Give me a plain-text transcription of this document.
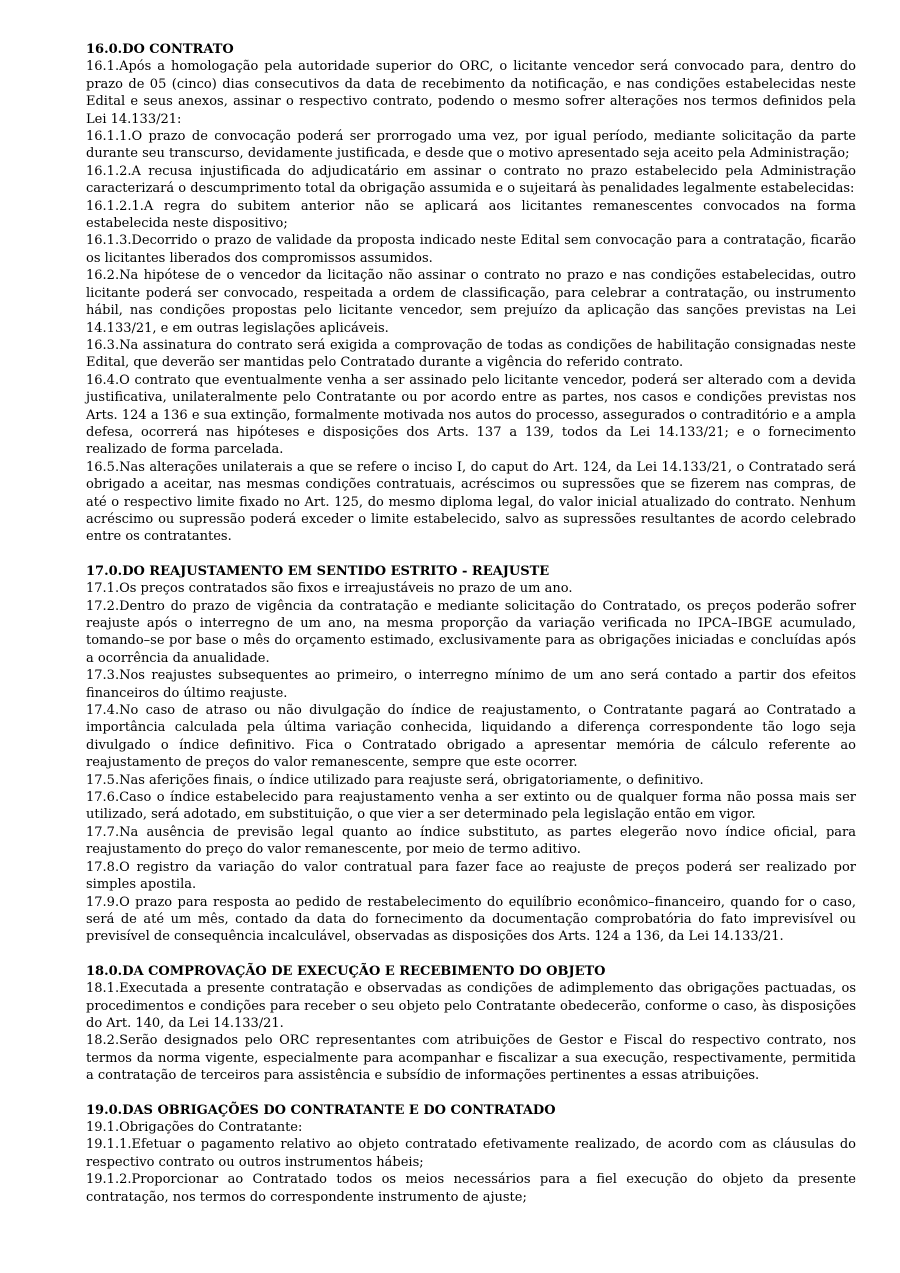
16.0.DO CONTRATO

16.1.Após a homologação pela autoridade superior do ORC, o licitante vencedor será convocado para, dentro do prazo de 05 (cinco) dias consecutivos da data de recebimento da notificação, e nas condições estabelecidas neste Edital e seus anexos, assinar o respectivo contrato, podendo o mesmo sofrer alterações nos termos definidos pela Lei 14.133/21:

16.1.1.O prazo de convocação poderá ser prorrogado uma vez, por igual período, mediante solicitação da parte durante seu transcurso, devidamente justificada, e desde que o motivo apresentado seja aceito pela Administração;

16.1.2.A recusa injustificada do adjudicatário em assinar o contrato no prazo estabelecido pela Administração caracterizará o descumprimento total da obrigação assumida e o sujeitará às penalidades legalmente estabelecidas:

16.1.2.1.A regra do subitem anterior não se aplicará aos licitantes remanescentes convocados na forma estabelecida neste dispositivo;

16.1.3.Decorrido o prazo de validade da proposta indicado neste Edital sem convocação para a contratação, ficarão os licitantes liberados dos compromissos assumidos.

16.2.Na hipótese de o vencedor da licitação não assinar o contrato no prazo e nas condições estabelecidas, outro licitante poderá ser convocado, respeitada a ordem de classificação, para celebrar a contratação, ou instrumento hábil, nas condições propostas pelo licitante vencedor, sem prejuízo da aplicação das sanções previstas na Lei 14.133/21, e em outras legislações aplicáveis.

16.3.Na assinatura do contrato será exigida a comprovação de todas as condições de habilitação consignadas neste Edital, que deverão ser mantidas pelo Contratado durante a vigência do referido contrato.

16.4.O contrato que eventualmente venha a ser assinado pelo licitante vencedor, poderá ser alterado com a devida justificativa, unilateralmente pelo Contratante ou por acordo entre as partes, nos casos e condições previstas nos Arts. 124 a 136 e sua extinção, formalmente motivada nos autos do processo, assegurados o contraditório e a ampla defesa, ocorrerá nas hipóteses e disposições dos Arts. 137 a 139, todos da Lei 14.133/21; e o fornecimento realizado de forma parcelada.

16.5.Nas alterações unilaterais a que se refere o inciso I, do caput do Art. 124, da Lei 14.133/21, o Contratado será obrigado a aceitar, nas mesmas condições contratuais, acréscimos ou supressões que se fizerem nas compras, de até o respectivo limite fixado no Art. 125, do mesmo diploma legal, do valor inicial atualizado do contrato. Nenhum acréscimo ou supressão poderá exceder o limite estabelecido, salvo as supressões resultantes de acordo celebrado entre os contratantes.

17.0.DO REAJUSTAMENTO EM SENTIDO ESTRITO - REAJUSTE

17.1.Os preços contratados são fixos e irreajustáveis no prazo de um ano.

17.2.Dentro do prazo de vigência da contratação e mediante solicitação do Contratado, os preços poderão sofrer reajuste após o interregno de um ano, na mesma proporção da variação verificada no IPCA–IBGE acumulado, tomando–se por base o mês do orçamento estimado, exclusivamente para as obrigações iniciadas e concluídas após a ocorrência da anualidade.

17.3.Nos reajustes subsequentes ao primeiro, o interregno mínimo de um ano será contado a partir dos efeitos financeiros do último reajuste.

17.4.No caso de atraso ou não divulgação do índice de reajustamento, o Contratante pagará ao Contratado a importância calculada pela última variação conhecida, liquidando a diferença correspondente tão logo seja divulgado o índice definitivo. Fica o Contratado obrigado a apresentar memória de cálculo referente ao reajustamento de preços do valor remanescente, sempre que este ocorrer.

17.5.Nas aferições finais, o índice utilizado para reajuste será, obrigatoriamente, o definitivo.

17.6.Caso o índice estabelecido para reajustamento venha a ser extinto ou de qualquer forma não possa mais ser utilizado, será adotado, em substituição, o que vier a ser determinado pela legislação então em vigor.

17.7.Na ausência de previsão legal quanto ao índice substituto, as partes elegerão novo índice oficial, para reajustamento do preço do valor remanescente, por meio de termo aditivo.

17.8.O registro da variação do valor contratual para fazer face ao reajuste de preços poderá ser realizado por simples apostila.

17.9.O prazo para resposta ao pedido de restabelecimento do equilíbrio econômico–financeiro, quando for o caso, será de até um mês, contado da data do fornecimento da documentação comprobatória do fato imprevisível ou previsível de consequência incalculável, observadas as disposições dos Arts. 124 a 136, da Lei 14.133/21.

18.0.DA COMPROVAÇÃO DE EXECUÇÃO E RECEBIMENTO DO OBJETO

18.1.Executada a presente contratação e observadas as condições de adimplemento das obrigações pactuadas, os procedimentos e condições para receber o seu objeto pelo Contratante obedecerão, conforme o caso, às disposições do Art. 140, da Lei 14.133/21.

18.2.Serão designados pelo ORC representantes com atribuições de Gestor e Fiscal do respectivo contrato, nos termos da norma vigente, especialmente para acompanhar e fiscalizar a sua execução, respectivamente, permitida a contratação de terceiros para assistência e subsídio de informações pertinentes a essas atribuições.

19.0.DAS OBRIGAÇÕES DO CONTRATANTE E DO CONTRATADO

19.1.Obrigações do Contratante:

19.1.1.Efetuar o pagamento relativo ao objeto contratado efetivamente realizado, de acordo com as cláusulas do respectivo contrato ou outros instrumentos hábeis;

19.1.2.Proporcionar ao Contratado todos os meios necessários para a fiel execução do objeto da presente contratação, nos termos do correspondente instrumento de ajuste;
